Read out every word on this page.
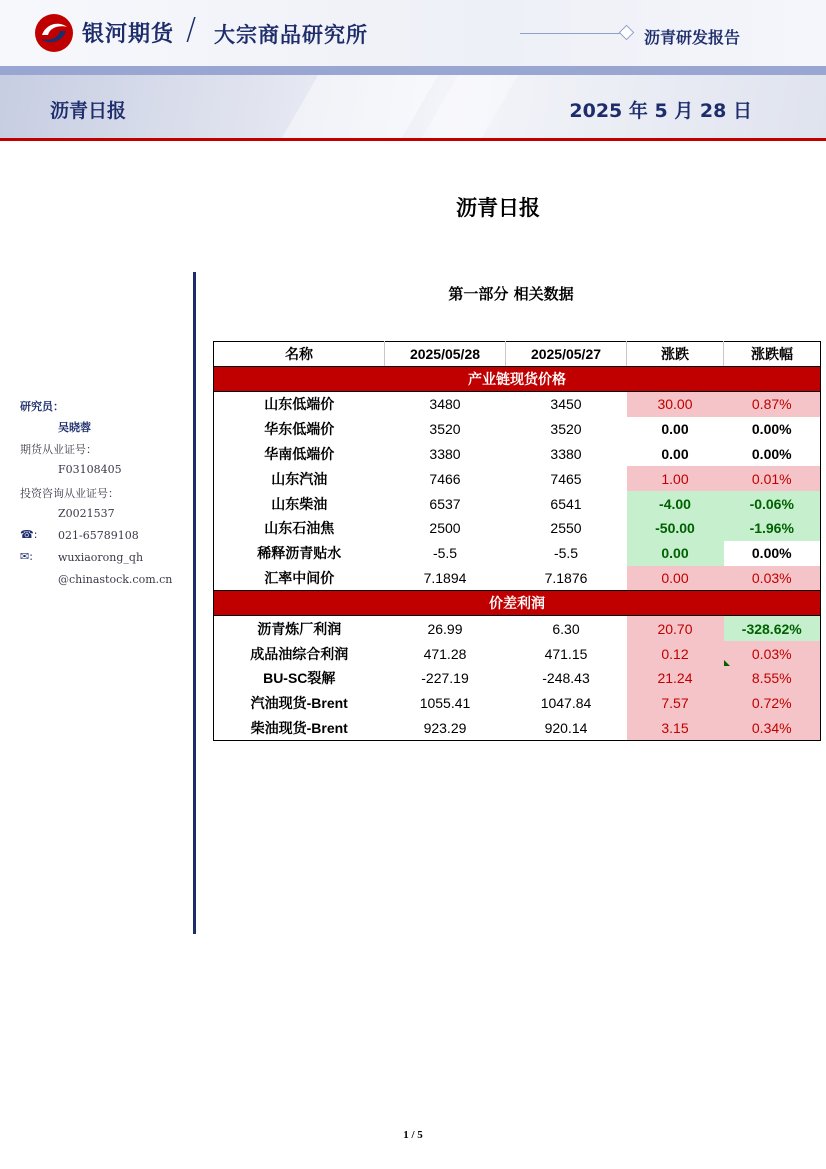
银河期货 / 大宗商品研究所	沥青研发报告
沥青日报	2025 年 5 月 28 日
沥青日报
研究员：
吴晓蓉
期货从业证号：
F03108405
投资咨询从业证号：
Z0021537
☎: 021-65789108
✉: wuxiaorong_qh
@chinastock.com.cn
第一部分 相关数据
名称	2025/05/28	2025/05/27	涨跌	涨跌幅
产业链现货价格				
山东低端价	3480	3450	30.00	0.87%
华东低端价	3520	3520	0.00	0.00%
华南低端价	3380	3380	0.00	0.00%
山东汽油	7466	7465	1.00	0.01%
山东柴油	6537	6541	-4.00	-0.06%
山东石油焦	2500	2550	-50.00	-1.96%
稀释沥青贴水	-5.5	-5.5	0.00	0.00%
汇率中间价	7.1894	7.1876	0.00	0.03%
价差利润				
沥青炼厂利润	26.99	6.30	20.70	-328.62%
成品油综合利润	471.28	471.15	0.12	0.03%
BU-SC裂解	-227.19	-248.43	21.24	8.55%
汽油现货-Brent	1055.41	1047.84	7.57	0.72%
柴油现货-Brent	923.29	920.14	3.15	0.34%
1 / 5
